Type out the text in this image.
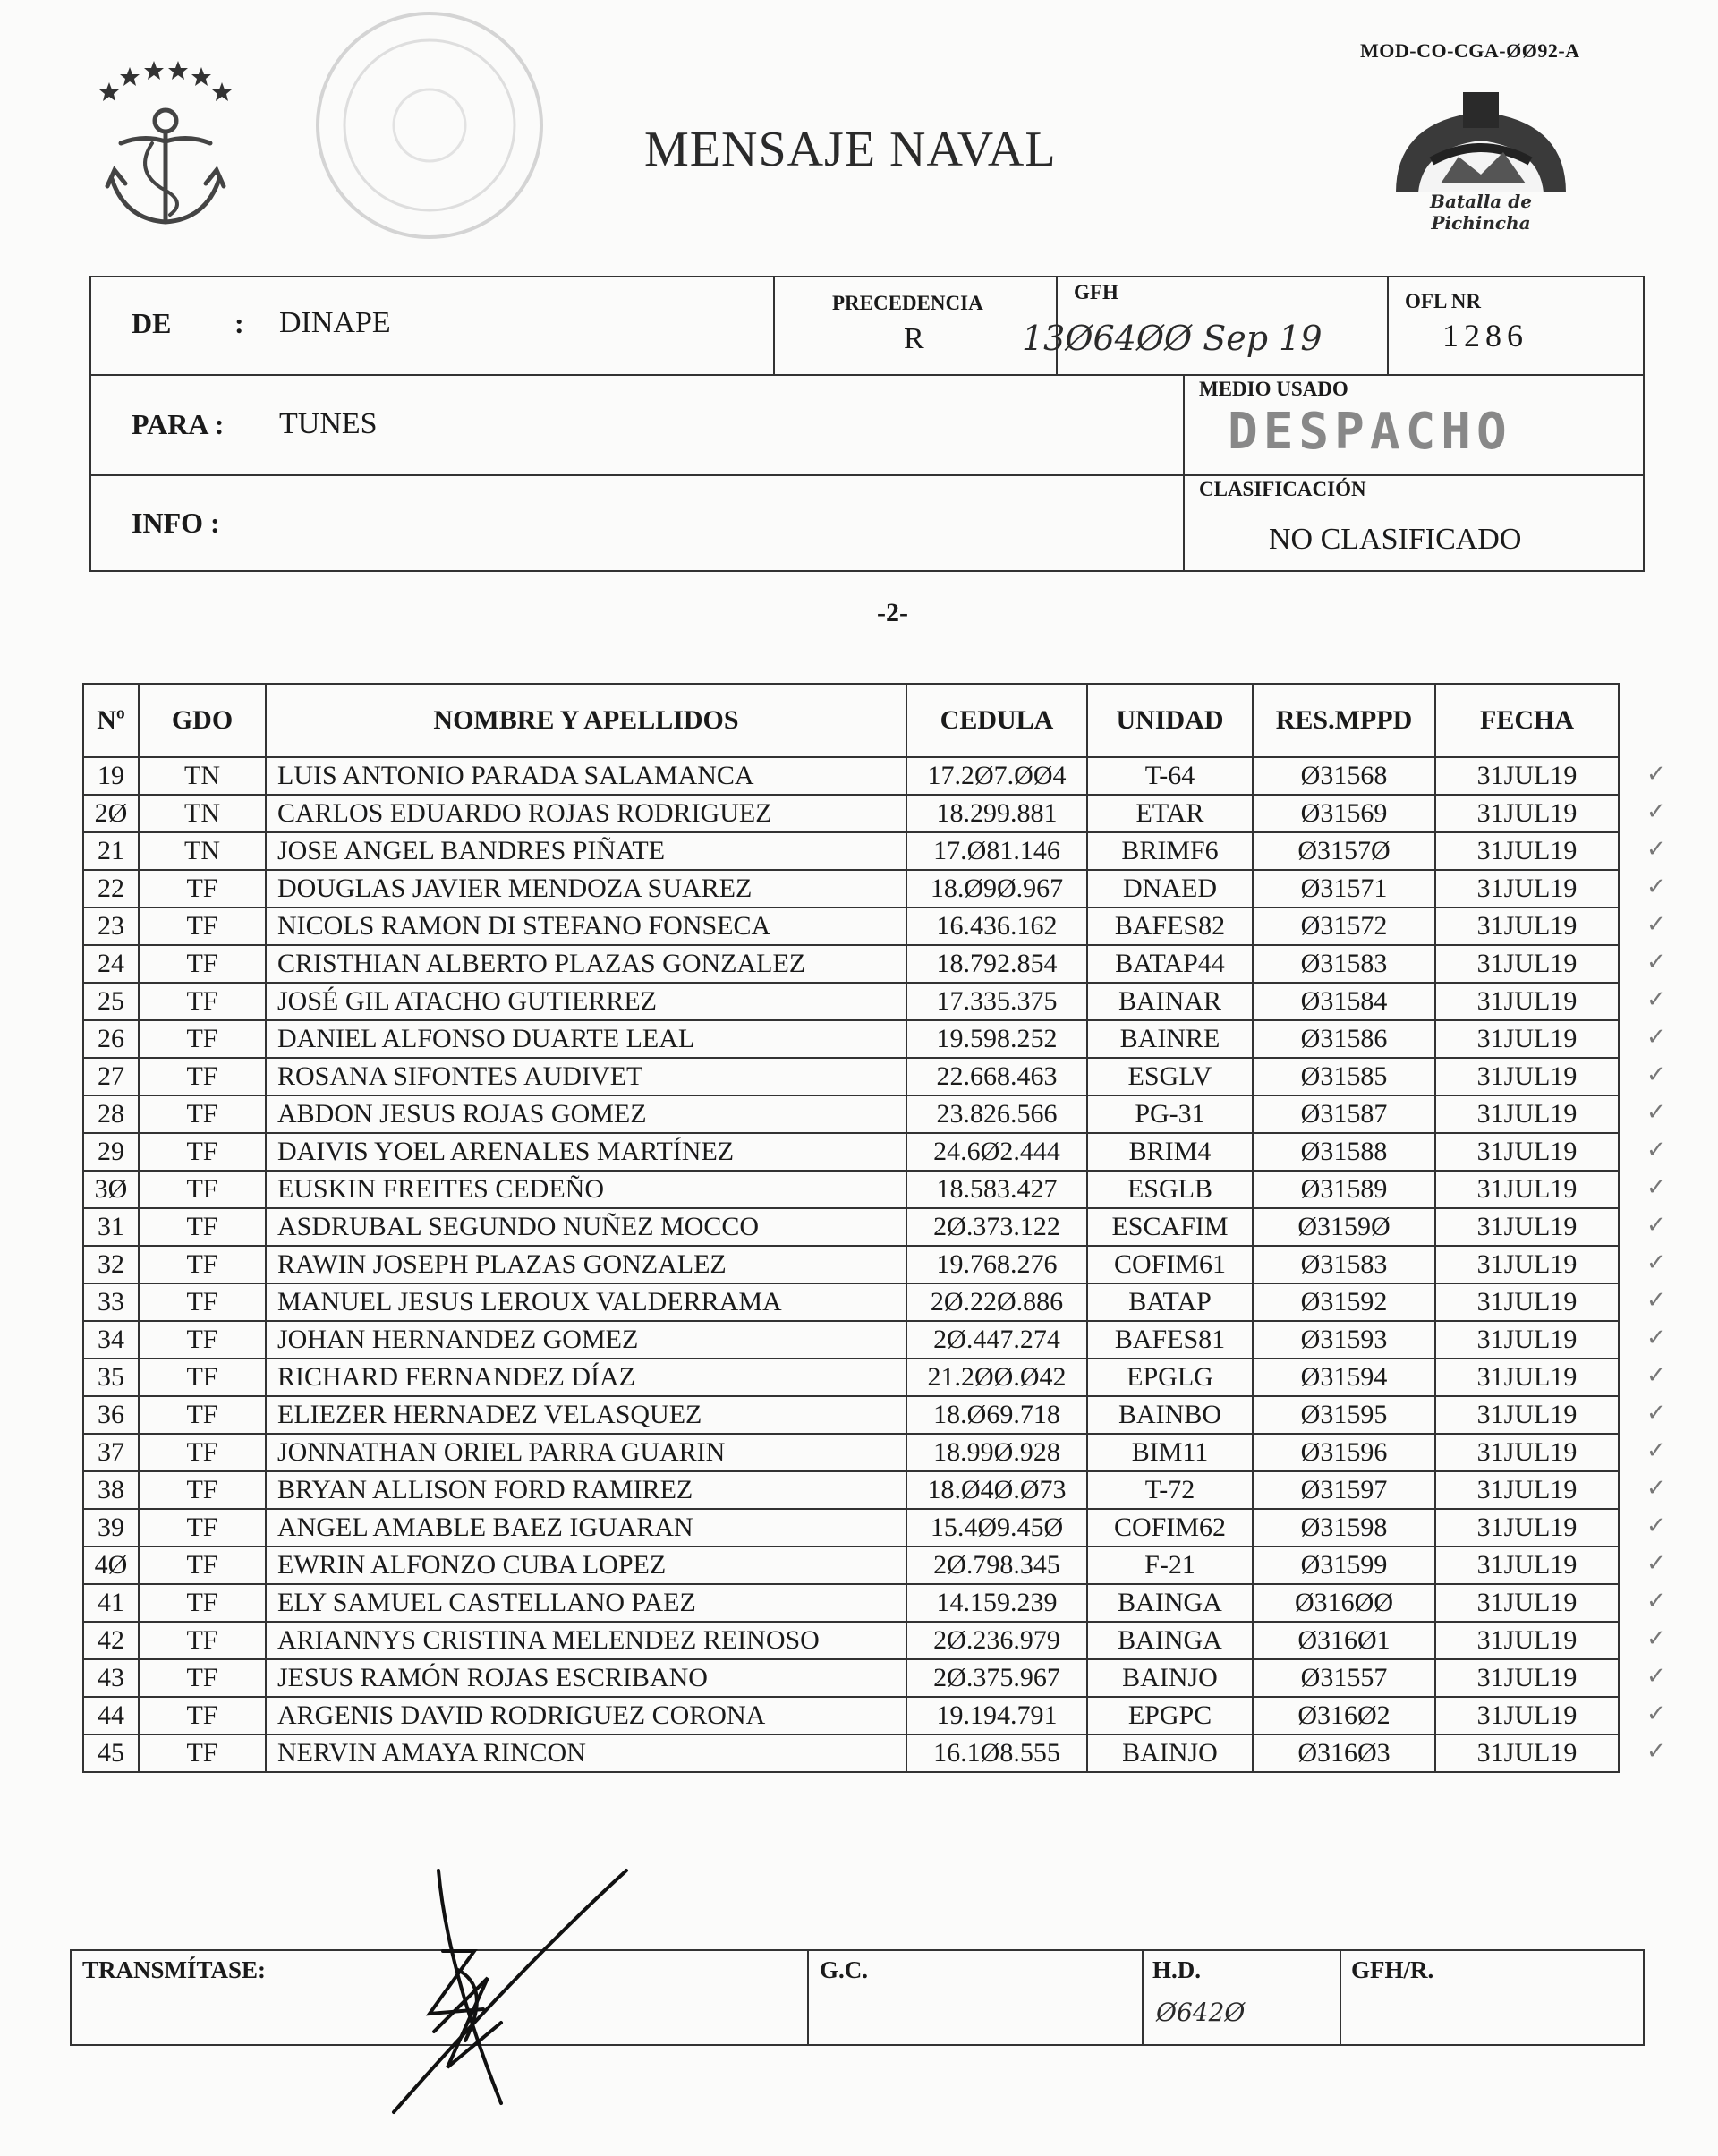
MOD-CO-CGA-ØØ92-A
MENSAJE NAVAL
Batalla de Pichincha
DE : DINAPE
PRECEDENCIA
R
GFH
13Ø64ØØ Sep 19
OFL NR
1286
PARA : TUNES
MEDIO USADO
DESPACHO
INFO :
CLASIFICACIÓN
NO CLASIFICADO
-2-
Nº	GDO	NOMBRE Y APELLIDOS	CEDULA	UNIDAD	RES.MPPD	FECHA
19	TN	LUIS ANTONIO PARADA SALAMANCA	17.2Ø7.ØØ4	T-64	Ø31568	31JUL19
2Ø	TN	CARLOS EDUARDO ROJAS RODRIGUEZ	18.299.881	ETAR	Ø31569	31JUL19
21	TN	JOSE ANGEL BANDRES PIÑATE	17.Ø81.146	BRIMF6	Ø3157Ø	31JUL19
22	TF	DOUGLAS JAVIER MENDOZA SUAREZ	18.Ø9Ø.967	DNAED	Ø31571	31JUL19
23	TF	NICOLS RAMON DI STEFANO FONSECA	16.436.162	BAFES82	Ø31572	31JUL19
24	TF	CRISTHIAN ALBERTO PLAZAS GONZALEZ	18.792.854	BATAP44	Ø31583	31JUL19
25	TF	JOSÉ GIL ATACHO GUTIERREZ	17.335.375	BAINAR	Ø31584	31JUL19
26	TF	DANIEL ALFONSO DUARTE LEAL	19.598.252	BAINRE	Ø31586	31JUL19
27	TF	ROSANA SIFONTES AUDIVET	22.668.463	ESGLV	Ø31585	31JUL19
28	TF	ABDON JESUS ROJAS GOMEZ	23.826.566	PG-31	Ø31587	31JUL19
29	TF	DAIVIS YOEL ARENALES MARTÍNEZ	24.6Ø2.444	BRIM4	Ø31588	31JUL19
3Ø	TF	EUSKIN FREITES CEDEÑO	18.583.427	ESGLB	Ø31589	31JUL19
31	TF	ASDRUBAL SEGUNDO NUÑEZ MOCCO	2Ø.373.122	ESCAFIM	Ø3159Ø	31JUL19
32	TF	RAWIN JOSEPH PLAZAS GONZALEZ	19.768.276	COFIM61	Ø31583	31JUL19
33	TF	MANUEL JESUS LEROUX VALDERRAMA	2Ø.22Ø.886	BATAP	Ø31592	31JUL19
34	TF	JOHAN HERNANDEZ GOMEZ	2Ø.447.274	BAFES81	Ø31593	31JUL19
35	TF	RICHARD FERNANDEZ DÍAZ	21.2ØØ.Ø42	EPGLG	Ø31594	31JUL19
36	TF	ELIEZER HERNADEZ VELASQUEZ	18.Ø69.718	BAINBO	Ø31595	31JUL19
37	TF	JONNATHAN ORIEL PARRA GUARIN	18.99Ø.928	BIM11	Ø31596	31JUL19
38	TF	BRYAN ALLISON FORD RAMIREZ	18.Ø4Ø.Ø73	T-72	Ø31597	31JUL19
39	TF	ANGEL AMABLE BAEZ IGUARAN	15.4Ø9.45Ø	COFIM62	Ø31598	31JUL19
4Ø	TF	EWRIN ALFONZO CUBA LOPEZ	2Ø.798.345	F-21	Ø31599	31JUL19
41	TF	ELY SAMUEL CASTELLANO PAEZ	14.159.239	BAINGA	Ø316ØØ	31JUL19
42	TF	ARIANNYS CRISTINA MELENDEZ REINOSO	2Ø.236.979	BAINGA	Ø316Ø1	31JUL19
43	TF	JESUS RAMÓN ROJAS ESCRIBANO	2Ø.375.967	BAINJO	Ø31557	31JUL19
44	TF	ARGENIS DAVID RODRIGUEZ CORONA	19.194.791	EPGPC	Ø316Ø2	31JUL19
45	TF	NERVIN AMAYA RINCON	16.1Ø8.555	BAINJO	Ø316Ø3	31JUL19
TRANSMÍTASE:	G.C.	H.D.
Ø642Ø
GFH/R.
✓
✓
✓
✓
✓
✓
✓
✓
✓
✓
✓
✓
✓
✓
✓
✓
✓
✓
✓
✓
✓
✓
✓
✓
✓
✓
✓
